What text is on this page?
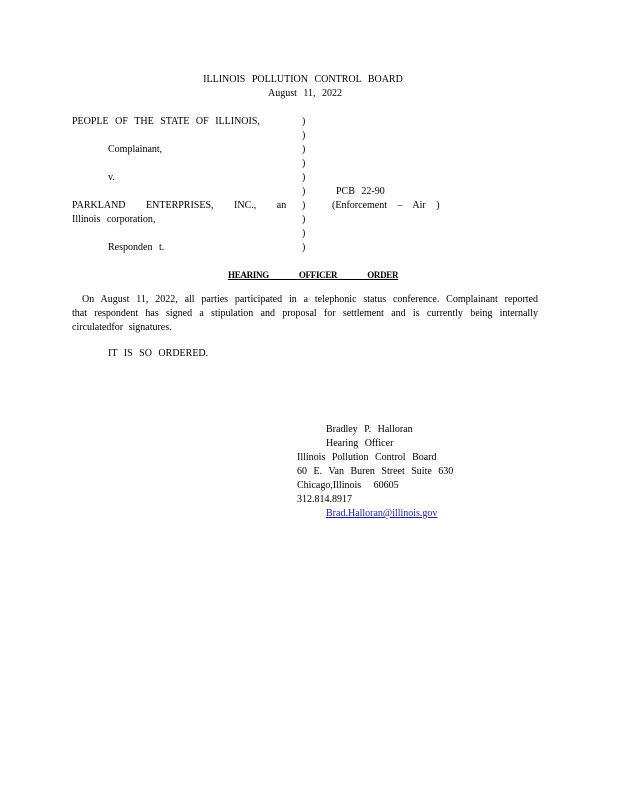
ILLINOIS POLLUTION CONTROL BOARD
August 11, 2022
PEOPLE OF THE STATE OF ILLINOIS,
Complainant,
v.
PARKLAND ENTERPRISES, INC., an
Illinois corporation,
Responden t.
)
)
)
)
)
)
)
)
)
)
PCB 22-90
(Enforcement – Air )
HEARING OFFICER ORDER
On August 11, 2022, all parties participated in a telephonic status conference. Complainant reported that respondent has signed a stipulation and proposal for settlement and is currently being internally circulatedfor signatures.
IT IS SO ORDERED.
Bradley P. Halloran
Hearing Officer
Illinois Pollution Control Board
60 E. Van Buren Street Suite 630
Chicago,Illinois 60605
312.814.8917
Brad.Halloran@illinois.gov
